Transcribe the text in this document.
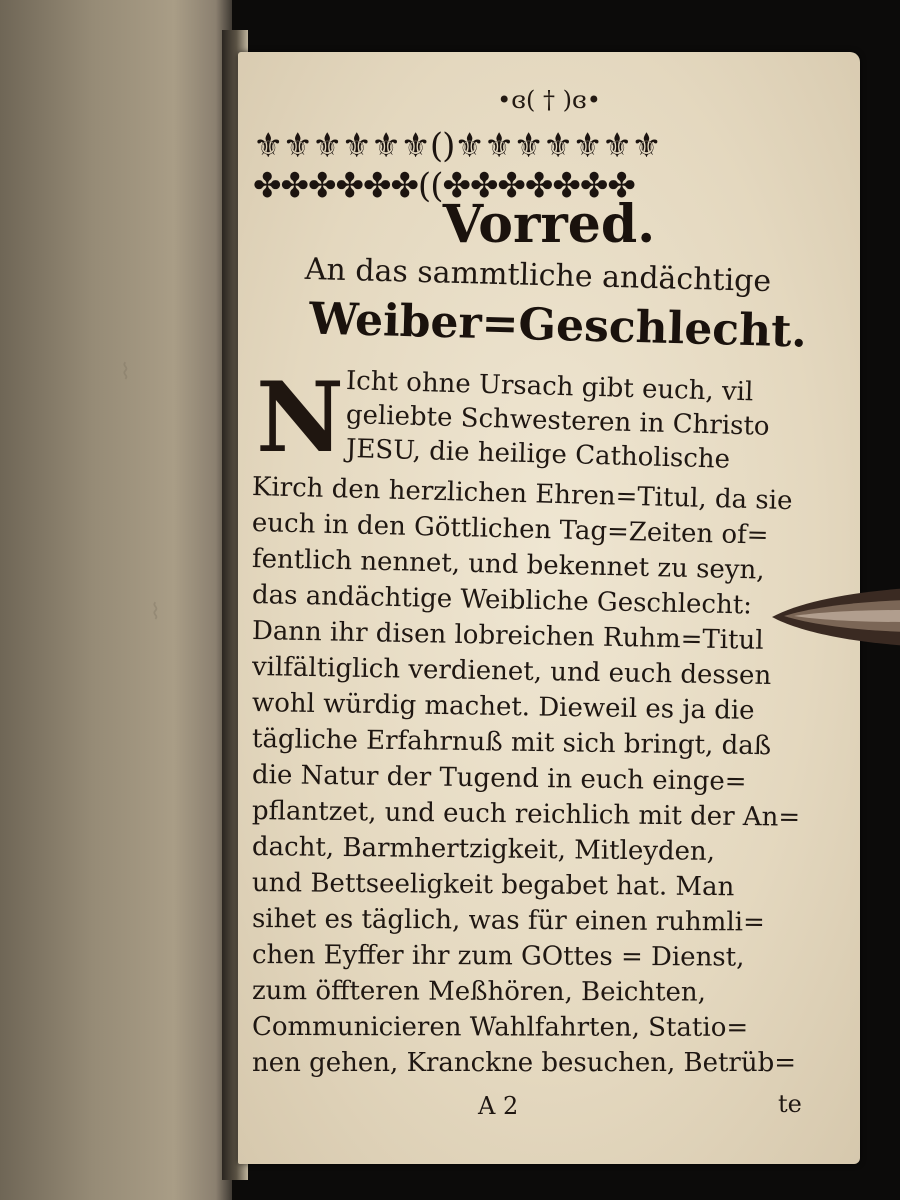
⌇
⌇
•ɞ( † )ɞ•
⚜⚜⚜⚜⚜⚜()⚜⚜⚜⚜⚜⚜⚜
✤✤✤✤✤✤((✤✤✤✤✤✤✤
Vorred.
An das sammtliche andächtige
Weiber=Geschlecht.
N Icht ohne Ursach gibt euch, vil
geliebte Schwesteren in Christo
JESU, die heilige Catholische
Kirch den herzlichen Ehren=Titul, da sie
euch in den Göttlichen Tag=Zeiten of=
fentlich nennet, und bekennet zu seyn,
das andächtige Weibliche Geschlecht:
Dann ihr disen lobreichen Ruhm=Titul
vilfältiglich verdienet, und euch dessen
wohl würdig machet. Dieweil es ja die
tägliche Erfahrnuß mit sich bringt, daß
die Natur der Tugend in euch einge=
pflantzet, und euch reichlich mit der An=
dacht, Barmhertzigkeit, Mitleyden,
und Bettseeligkeit begabet hat. Man
sihet es täglich, was für einen ruhmli=
chen Eyffer ihr zum GOttes = Dienst,
zum öffteren Meßhören, Beichten,
Communicieren Wahlfahrten, Statio=
nen gehen, Kranckne besuchen, Betrüb=
A 2	te
